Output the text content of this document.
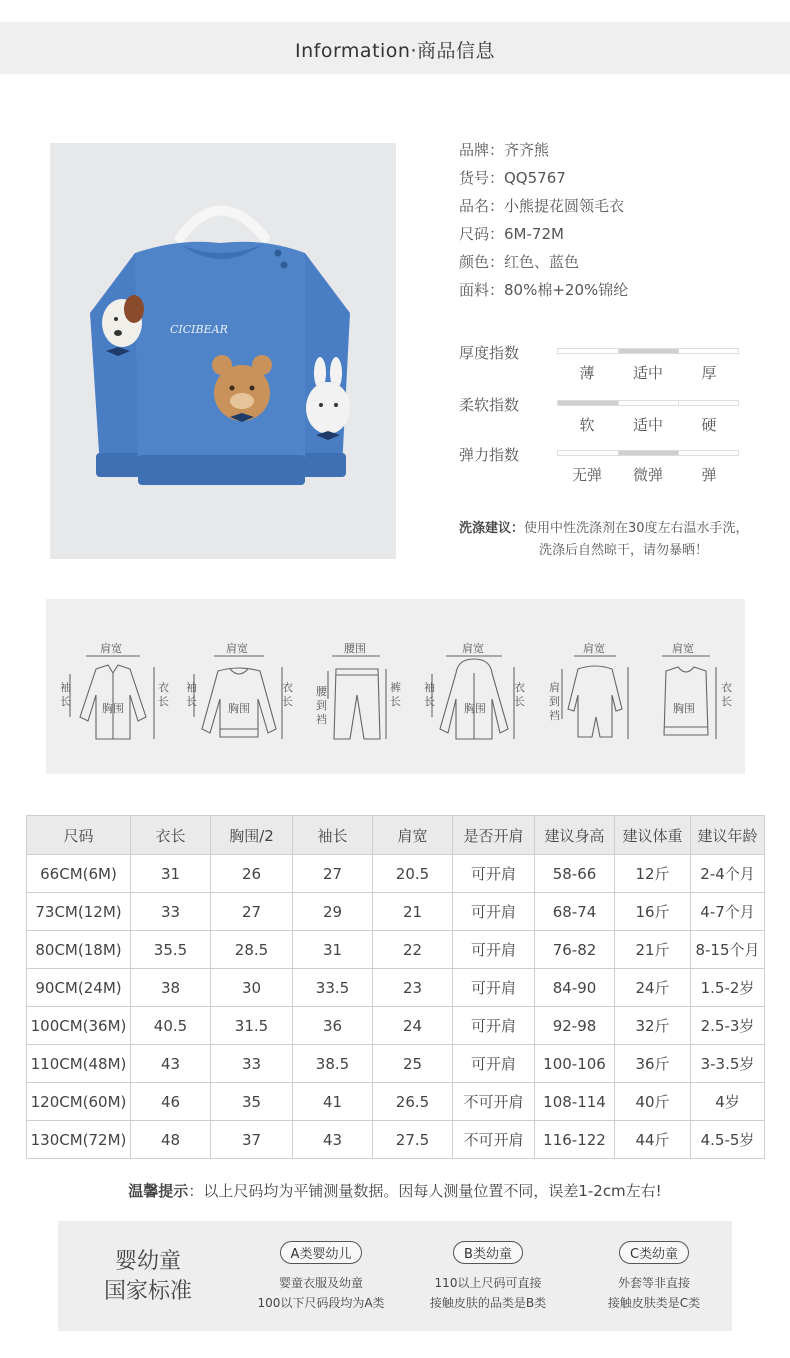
Information·商品信息
CICIBEAR
品牌：齐齐熊
货号：QQ5767
品名：小熊提花圆领毛衣
尺码：6M-72M
颜色：红色、蓝色
面料：80%棉+20%锦纶
厚度指数
薄	适中	厚
柔软指数
软	适中	硬
弹力指数
无弹	微弹	弹
洗涤建议：使用中性洗涤剂在30度左右温水手洗，
洗涤后自然晾干，请勿暴晒！
肩宽
袖
长
衣
长
胸围
肩宽
袖
长
衣
长
胸围
腰围
腰
到
裆
裤
长
肩宽
袖
长
衣
长
胸围
肩宽
肩
到
裆
肩宽
衣
长
胸围
尺码	衣长	胸围/2	袖长	肩宽	是否开肩	建议身高	建议体重	建议年龄
66CM(6M)	31	26	27	20.5	可开肩	58-66	12斤	2-4个月
73CM(12M)	33	27	29	21	可开肩	68-74	16斤	4-7个月
80CM(18M)	35.5	28.5	31	22	可开肩	76-82	21斤	8-15个月
90CM(24M)	38	30	33.5	23	可开肩	84-90	24斤	1.5-2岁
100CM(36M)	40.5	31.5	36	24	可开肩	92-98	32斤	2.5-3岁
110CM(48M)	43	33	38.5	25	可开肩	100-106	36斤	3-3.5岁
120CM(60M)	46	35	41	26.5	不可开肩	108-114	40斤	4岁
130CM(72M)	48	37	43	27.5	不可开肩	116-122	44斤	4.5-5岁
温馨提示：以上尺码均为平铺测量数据。因每人测量位置不同，误差1-2cm左右!
婴幼童
国家标准
A类婴幼儿
婴童衣服及幼童
100以下尺码段均为A类
B类幼童
110以上尺码可直接
接触皮肤的品类是B类
C类幼童
外套等非直接
接触皮肤类是C类
